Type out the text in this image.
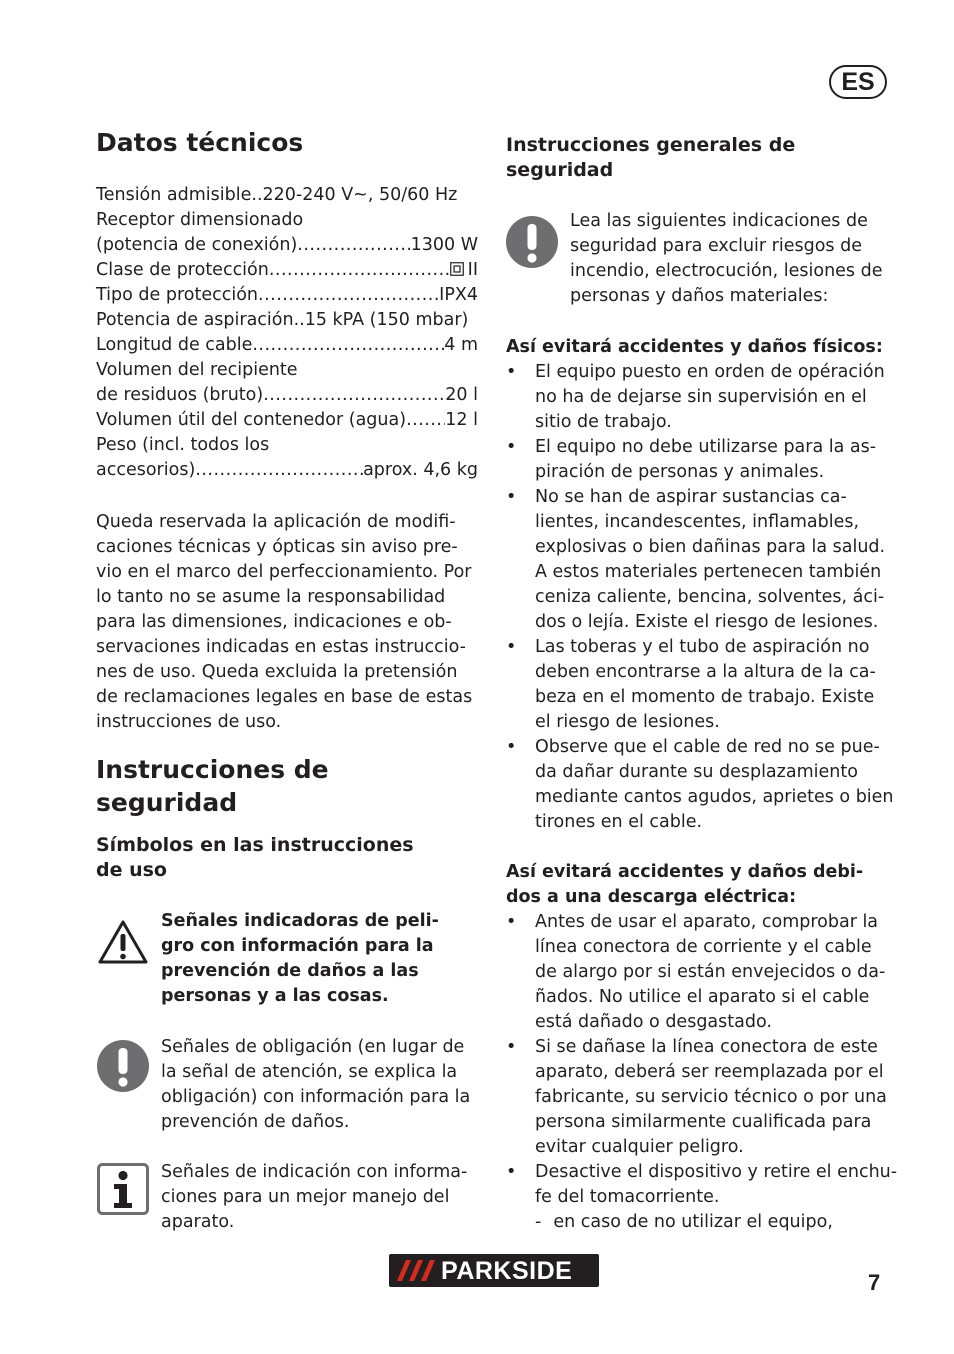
ES
Datos técnicos
Tensión admisible .. 220-240 V~, 50/60 Hz
Receptor dimensionado
(potencia de conexión) .....	1300 W
Clase de protección .....	II
Tipo de protección .....	IPX4
Potencia de aspiración .. 15 kPA (150 mbar)
Longitud de cable .....	4 m
Volumen del recipiente
de residuos (bruto) .....	20 l
Volumen útil del contenedor (agua) ..... 12 l
Peso (incl. todos los
accesorios) .....	aprox. 4,6 kg
Queda reservada la aplicación de modifi-
caciones técnicas y ópticas sin aviso pre-
vio en el marco del perfeccionamiento. Por
lo tanto no se asume la responsabilidad
para las dimensiones, indicaciones e ob-
servaciones indicadas en estas instruccio-
nes de uso. Queda excluida la pretensión
de reclamaciones legales en base de estas
instrucciones de uso.
Instrucciones de
seguridad
Símbolos en las instrucciones
de uso
Señales indicadoras de peli-
gro con información para la
prevención de daños a las
personas y a las cosas.
Señales de obligación (en lugar de
la señal de atención, se explica la
obligación) con información para la
prevención de daños.
Señales de indicación con informa-
ciones para un mejor manejo del
aparato.
Instrucciones generales de
seguridad
Lea las siguientes indicaciones de
seguridad para excluir riesgos de
incendio, electrocución, lesiones de
personas y daños materiales:
Así evitará accidentes y daños físicos:
• El equipo puesto en orden de opéración
no ha de dejarse sin supervisión en el
sitio de trabajo.
• El equipo no debe utilizarse para la as-
piración de personas y animales.
• No se han de aspirar sustancias ca-
lientes, incandescentes, inflamables,
explosivas o bien dañinas para la salud.
A estos materiales pertenecen también
ceniza caliente, bencina, solventes, áci-
dos o lejía. Existe el riesgo de lesiones.
• Las toberas y el tubo de aspiración no
deben encontrarse a la altura de la ca-
beza en el momento de trabajo. Existe
el riesgo de lesiones.
• Observe que el cable de red no se pue-
da dañar durante su desplazamiento
mediante cantos agudos, aprietes o bien
tirones en el cable.
Así evitará accidentes y daños debi-
dos a una descarga eléctrica:
• Antes de usar el aparato, comprobar la
línea conectora de corriente y el cable
de alargo por si están envejecidos o da-
ñados. No utilice el aparato si el cable
está dañado o desgastado.
• Si se dañase la línea conectora de este
aparato, deberá ser reemplazada por el
fabricante, su servicio técnico o por una
persona similarmente cualificada para
evitar cualquier peligro.
• Desactive el dispositivo y retire el enchu-
fe del tomacorriente.
- en caso de no utilizar el equipo,
PARKSIDE	7
